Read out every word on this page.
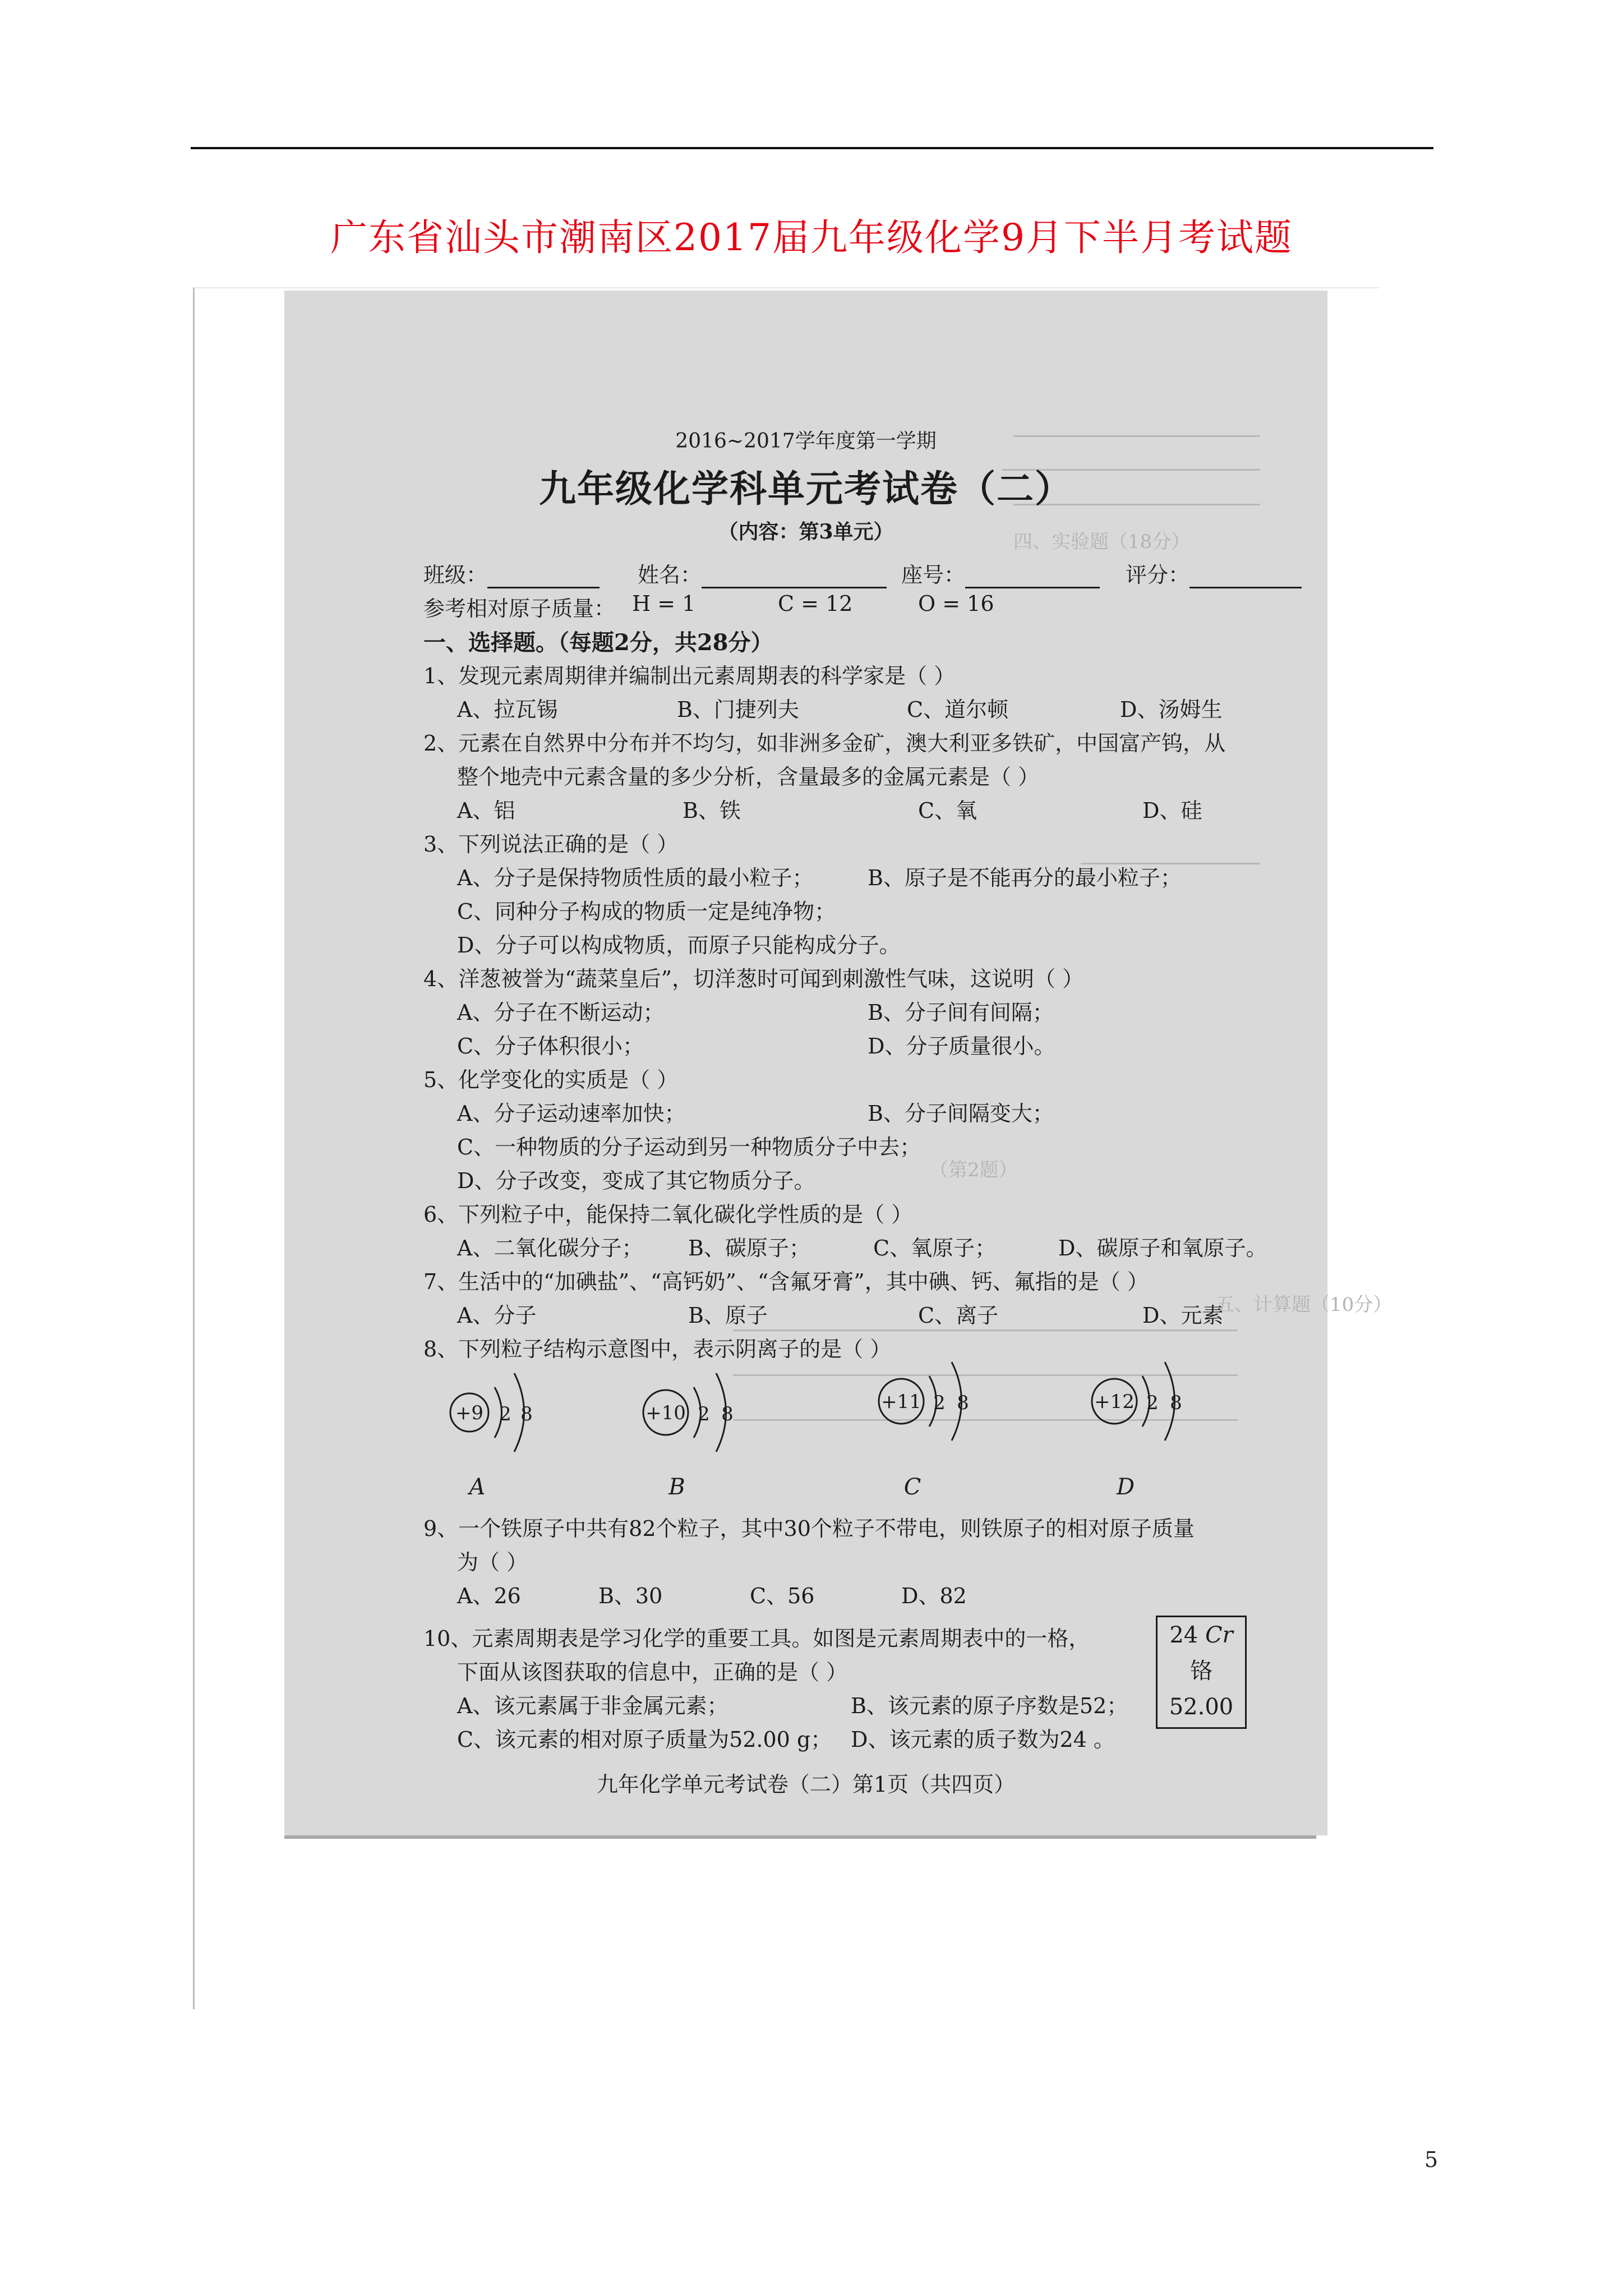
广东省汕头市潮南区2017届九年级化学9月下半月考试题
四、实验题（18分）
（第2题）
五、计算题（10分）
2016~2017学年度第一学期
九年级化学科单元考试卷（二）
（内容：第3单元）
班级：	姓名：	座号：	评分：
参考相对原子质量： H = 1	C = 12	O = 16
一、选择题。（每题2分，共28分）
1、发现元素周期律并编制出元素周期表的科学家是（ ）
A、拉瓦锡	B、门捷列夫	C、道尔顿	D、汤姆生
2、元素在自然界中分布并不均匀，如非洲多金矿，澳大利亚多铁矿，中国富产钨，从
整个地壳中元素含量的多少分析，含量最多的金属元素是（ ）
A、铝	B、铁	C、氧	D、硅
3、下列说法正确的是（ ）
A、分子是保持物质性质的最小粒子；	B、原子是不能再分的最小粒子；
C、同种分子构成的物质一定是纯净物；
D、分子可以构成物质，而原子只能构成分子。
4、洋葱被誉为“蔬菜皇后”，切洋葱时可闻到刺激性气味，这说明（ ）
A、分子在不断运动；	B、分子间有间隔；
C、分子体积很小；	D、分子质量很小。
5、化学变化的实质是（ ）
A、分子运动速率加快；	B、分子间隔变大；
C、一种物质的分子运动到另一种物质分子中去；
D、分子改变，变成了其它物质分子。
6、下列粒子中，能保持二氧化碳化学性质的是（ ）
A、二氧化碳分子； B、碳原子；	C、氧原子；	D、碳原子和氧原子。
7、生活中的“加碘盐”、“高钙奶”、“含氟牙膏”，其中碘、钙、氟指的是（ ）
A、分子	B、原子	C、离子	D、元素
8、下列粒子结构示意图中，表示阴离子的是（ ）
+9 2 8
A
+10 2 8
B
+11 2 8
C
+12 2 8
D
9、一个铁原子中共有82个粒子，其中30个粒子不带电，则铁原子的相对原子质量
为（ ）
A、26	B、30	C、56	D、82
10、元素周期表是学习化学的重要工具。如图是元素周期表中的一格，
下面从该图获取的信息中，正确的是（ ）
A、该元素属于非金属元素；	B、该元素的原子序数是52；
C、该元素的相对原子质量为52.00 g； D、该元素的质子数为24 。
24 Cr
铬
52.00
九年化学单元考试卷（二）第1页（共四页）
5
